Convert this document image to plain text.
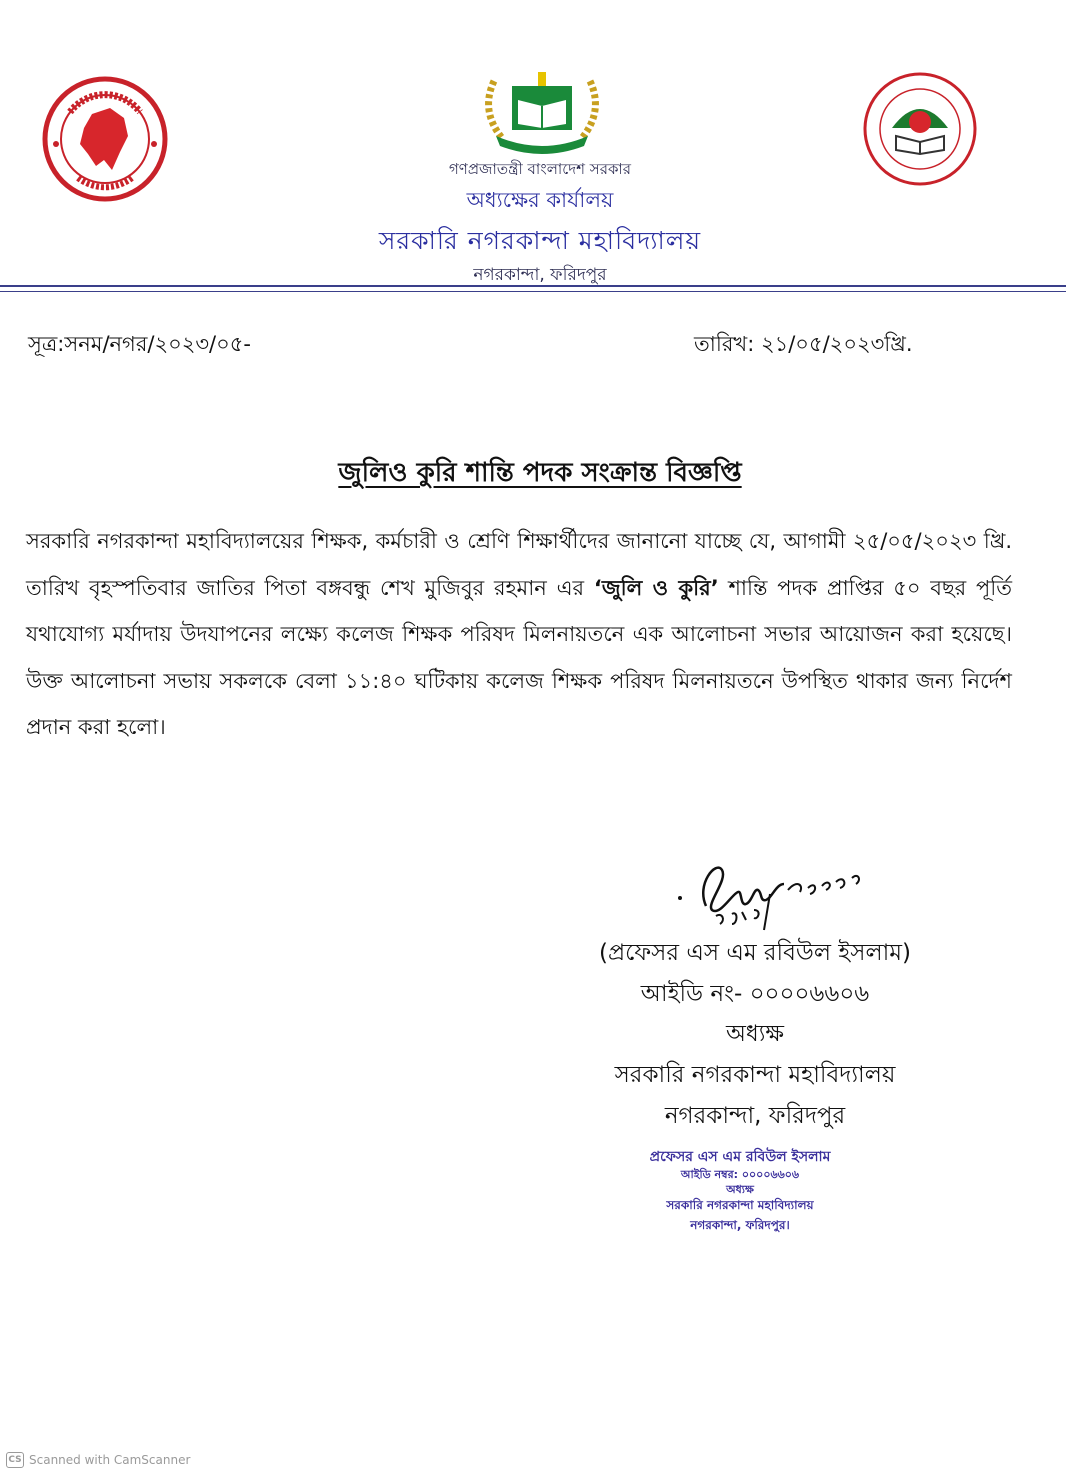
গণপ্রজাতন্ত্রী বাংলাদেশ সরকার
অধ্যক্ষের কার্যালয়
সরকারি নগরকান্দা মহাবিদ্যালয়
নগরকান্দা, ফরিদপুর
সূত্র:সনম/নগর/২০২৩/০৫-	তারিখ: ২১/০৫/২০২৩খ্রি.
জুলিও কুরি শান্তি পদক সংক্রান্ত বিজ্ঞপ্তি
সরকারি নগরকান্দা মহাবিদ্যালয়ের শিক্ষক, কর্মচারী ও শ্রেণি শিক্ষার্থীদের জানানো যাচ্ছে যে, আগামী ২৫/০৫/২০২৩ খ্রি. তারিখ বৃহস্পতিবার জাতির পিতা বঙ্গবন্ধু শেখ মুজিবুর রহমান এর ‘জুলি ও কুরি’ শান্তি পদক প্রাপ্তির ৫০ বছর পূর্তি যথাযোগ্য মর্যাদায় উদযাপনের লক্ষ্যে কলেজ শিক্ষক পরিষদ মিলনায়তনে এক আলোচনা সভার আয়োজন করা হয়েছে। উক্ত আলোচনা সভায় সকলকে বেলা ১১:৪০ ঘটিকায় কলেজ শিক্ষক পরিষদ মিলনায়তনে উপস্থিত থাকার জন্য নির্দেশ প্রদান করা হলো।
(প্রফেসর এস এম রবিউল ইসলাম)
আইডি নং- ০০০০৬৬০৬
অধ্যক্ষ
সরকারি নগরকান্দা মহাবিদ্যালয়
নগরকান্দা, ফরিদপুর
প্রফেসর এস এম রবিউল ইসলাম
আইডি নম্বর: ০০০০৬৬০৬
অধ্যক্ষ
সরকারি নগরকান্দা মহাবিদ্যালয়
নগরকান্দা, ফরিদপুর।
CS Scanned with CamScanner
